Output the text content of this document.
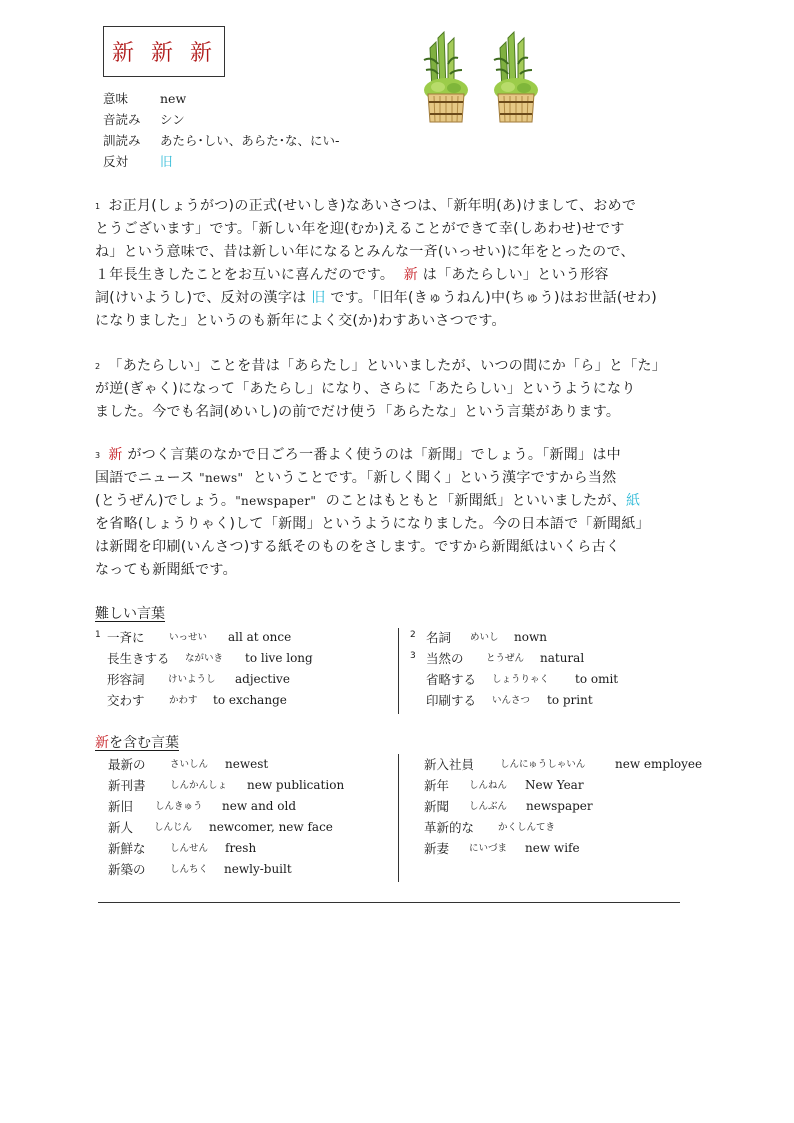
新 新 新
意味	new
音読み	シン
訓読み	あたら･しい、あらた･な、にい-
反対	旧

$^1$ お正月(しょうがつ)の正式(せいしき)なあいさつは、「新年明(あ)けまして、おめで

とうございます」です。「新しい年を迎(むか)えることができて幸(しあわせ)せです

ね」という意味で、昔は新しい年になるとみんな一斉(いっせい)に年をとったので、

１年長生きしたことをお互いに喜んだのです。 新 は「あたらしい」という形容

詞(けいようし)で、反対の漢字は 旧 です。「旧年(きゅうねん)中(ちゅう)はお世話(せわ)

になりました」というのも新年によく交(か)わすあいさつです。

$^2$ 「あたらしい」ことを昔は「あらたし」といいましたが、いつの間にか「ら」と「た」

が逆(ぎゃく)になって「あたらし」になり、さらに「あたらしい」というようになり

ました。今でも名詞(めいし)の前でだけ使う「あらたな」という言葉があります。

$^3$ 新 がつく言葉のなかで日ごろ一番よく使うのは「新聞」でしょう。「新聞」は中

国語でニュース "news" ということです。「新しく聞く」という漢字ですから当然

(とうぜん)でしょう。"newspaper" のことはもともと「新聞紙」といいましたが、紙

を省略(しょうりゃく)して「新聞」というようになりました。今の日本語で「新聞紙」

は新聞を印刷(いんさつ)する紙そのものをさします。ですから新聞紙はいくら古く

なっても新聞紙です。

難しい言葉
1 一斉に	いっせい all at once
長生きする ながいき to live long
形容詞 けいようし adjective
交わす	かわす to exchange
2 名詞 めいし nown
3 当然の とうぜん natural
省略する しょうりゃく to omit
印刷する いんさつ to print
新を含む言葉
最新の	さいしん newest
新刊書	しんかんしょ new publication
新旧 しんきゅう new and old
新人 しんじん newcomer, new face
新鮮な	しんせん fresh
新築の	しんちく newly-built
新入社員	しんにゅうしゃいん new employee
新年 しんねん New Year
新聞 しんぶん newspaper
革新的な	かくしんてき
新妻 にいづま new wife
